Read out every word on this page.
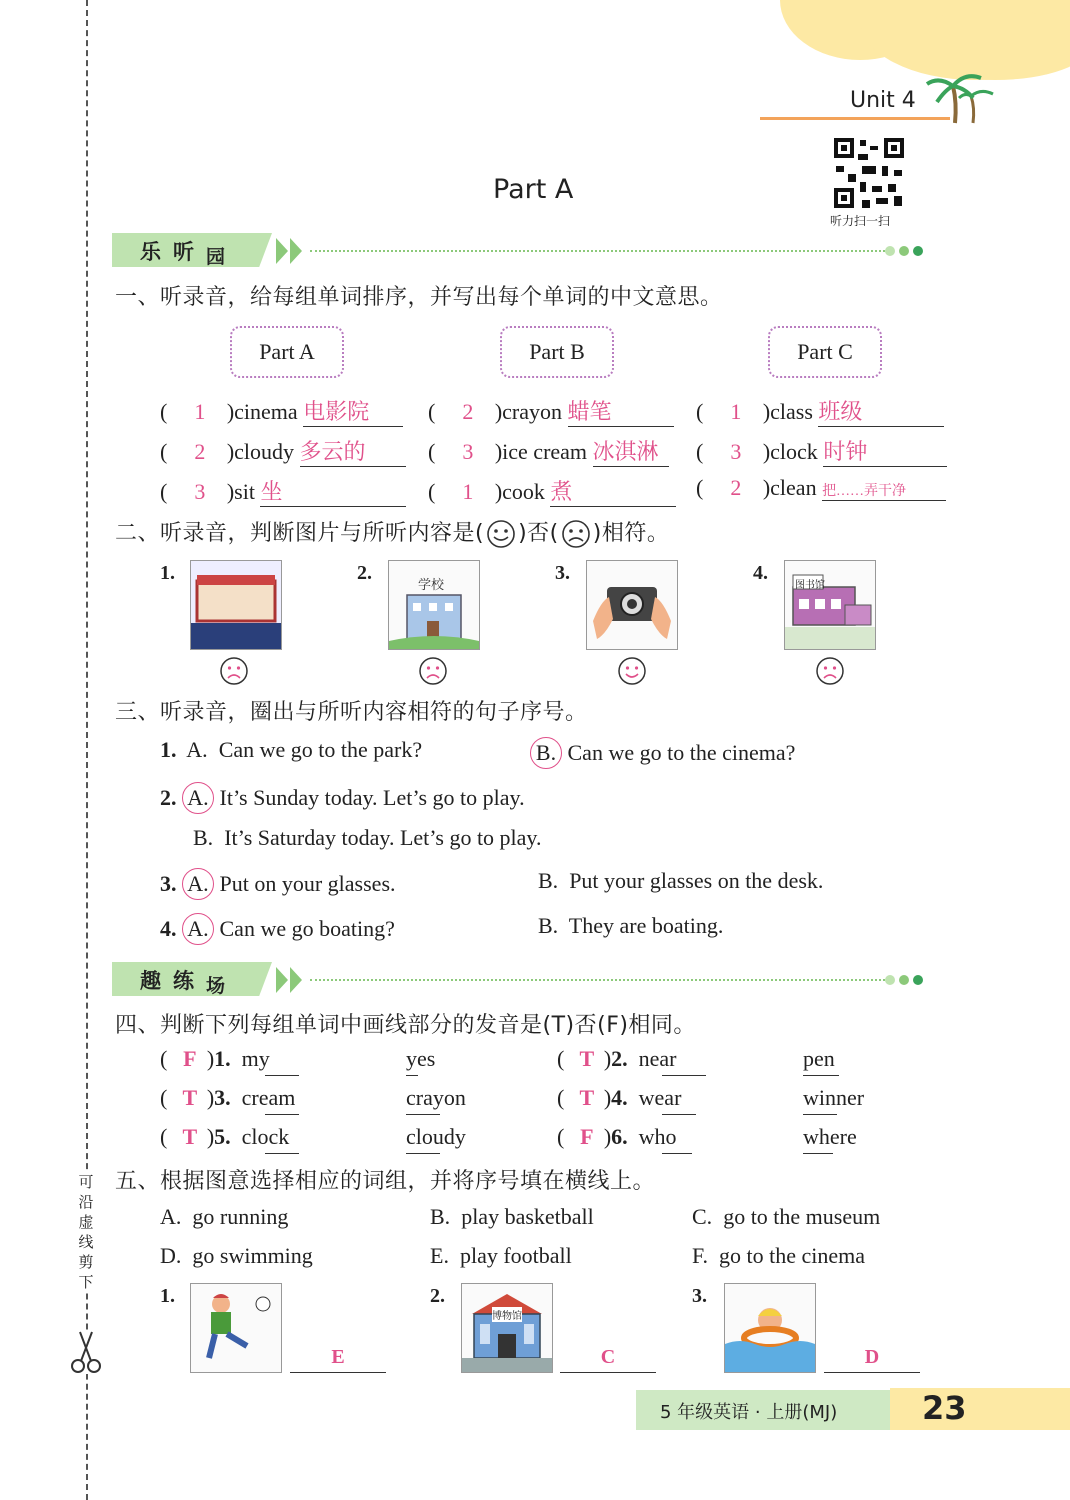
Unit 4
听力扫一扫
Part A
乐 听 园
一、听录音，给每组单词排序，并写出每个单词的中文意思。
Part A	Part B	Part C
( 1 )cinema 电影院
( 2 )cloudy 多云的
( 3 )sit 坐
( 2 )crayon 蜡笔
( 3 )ice cream 冰淇淋
( 1 )cook 煮
( 1 )class 班级
( 3 )clock 时钟
( 2 )clean 把……弄干净
二、听录音，判断图片与所听内容是( )否( )相符。
1.	2.
学校
3.	4.
图书馆
三、听录音，圈出与所听内容相符的句子序号。
1.  A.  Can we go to the park?	B. Can we go to the cinema?
2. A. It’s Sunday today. Let’s go to play.
B.  It’s Saturday today. Let’s go to play.
3. A. Put on your glasses.	B.  Put your glasses on the desk.
4. A. Can we go boating?	B.  They are boating.
趣 练 场
四、判断下列每组单词中画线部分的发音是(T)否(F)相同。
( F )1. my	yes	( T )2. near	pen
( T )3. cream	crayon	( T )4. wear	winner
( T )5. clock	cloudy	( F )6. who	where
五、根据图意选择相应的词组，并将序号填在横线上。
A. go running	B. play basketball	C. go to the museum
D. go swimming	E. play football	F. go to the cinema
1.
E
2.
博物馆
C
3.
D
可
沿
虚
线
剪
下
5 年级英语 · 上册(MJ)	23
